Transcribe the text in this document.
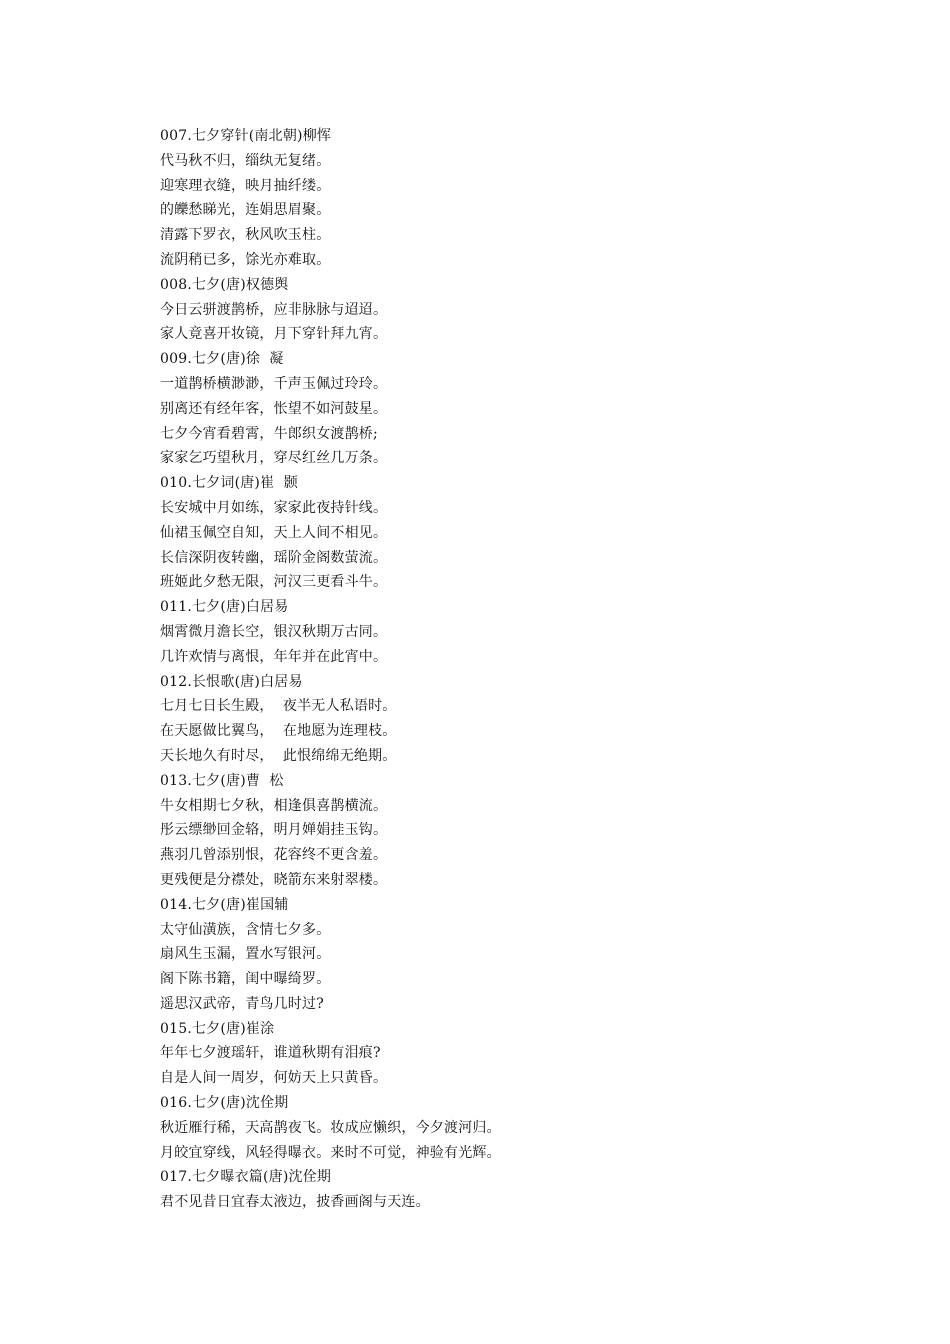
007.七夕穿针(南北朝)柳恽
代马秋不归，缁纨无复绪。
迎寒理衣缝，映月抽纤缕。
的皪愁睇光，连娟思眉聚。
清露下罗衣，秋风吹玉柱。
流阴稍已多，馀光亦难取。
008.七夕(唐)权德舆
今日云骈渡鹊桥，应非脉脉与迢迢。
家人竟喜开妆镜，月下穿针拜九宵。
009.七夕(唐)徐  凝
一道鹊桥横渺渺，千声玉佩过玲玲。
别离还有经年客，怅望不如河鼓星。
七夕今宵看碧霄，牛郎织女渡鹊桥;
家家乞巧望秋月，穿尽红丝几万条。
010.七夕词(唐)崔  颢
长安城中月如练，家家此夜持针线。
仙裙玉佩空自知，天上人间不相见。
长信深阴夜转幽，瑶阶金阁数萤流。
班姬此夕愁无限，河汉三更看斗牛。
011.七夕(唐)白居易
烟霄微月澹长空，银汉秋期万古同。
几许欢情与离恨，年年并在此宵中。
012.长恨歌(唐)白居易
七月七日长生殿，  夜半无人私语时。
在天愿做比翼鸟，  在地愿为连理枝。
天长地久有时尽，  此恨绵绵无绝期。
013.七夕(唐)曹  松
牛女相期七夕秋，相逢俱喜鹊横流。
彤云缥缈回金辂，明月婵娟挂玉钩。
燕羽几曾添别恨，花容终不更含羞。
更残便是分襟处，晓箭东来射翠楼。
014.七夕(唐)崔国辅
太守仙潢族，含情七夕多。
扇风生玉漏，置水写银河。
阁下陈书籍，闺中曝绮罗。
遥思汉武帝，青鸟几时过?
015.七夕(唐)崔涂
年年七夕渡瑶轩，谁道秋期有泪痕?
自是人间一周岁，何妨天上只黄昏。
016.七夕(唐)沈佺期
秋近雁行稀，天高鹊夜飞。妆成应懒织，今夕渡河归。
月皎宜穿线，风轻得曝衣。来时不可觉，神验有光辉。
017.七夕曝衣篇(唐)沈佺期
君不见昔日宜春太液边，披香画阁与天连。
